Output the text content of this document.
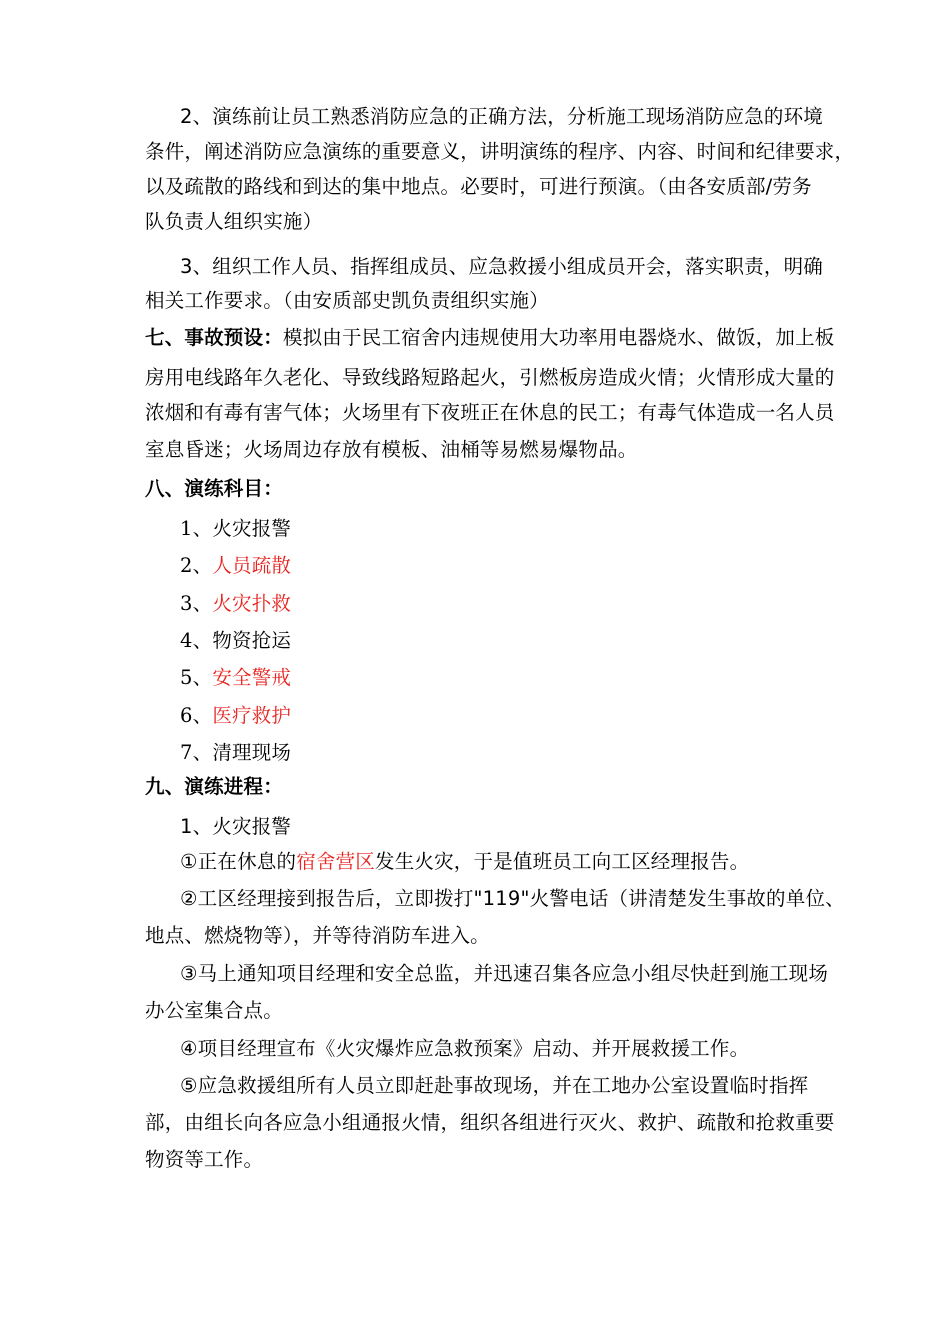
2、演练前让员工熟悉消防应急的正确方法，分析施工现场消防应急的环境
条件，阐述消防应急演练的重要意义，讲明演练的程序、内容、时间和纪律要求，
以及疏散的路线和到达的集中地点。必要时，可进行预演。（由各安质部/劳务
队负责人组织实施）
3、组织工作人员、指挥组成员、应急救援小组成员开会，落实职责，明确
相关工作要求。（由安质部史凯负责组织实施）
七、事故预设：模拟由于民工宿舍内违规使用大功率用电器烧水、做饭，加上板
房用电线路年久老化、导致线路短路起火，引燃板房造成火情；火情形成大量的
浓烟和有毒有害气体；火场里有下夜班正在休息的民工；有毒气体造成一名人员
室息昏迷；火场周边存放有模板、油桶等易燃易爆物品。
八、演练科目：
1、火灾报警
2、人员疏散
3、火灾扑救
4、物资抢运
5、安全警戒
6、医疗救护
7、清理现场
九、演练进程：
1、火灾报警
①正在休息的宿舍营区发生火灾，于是值班员工向工区经理报告。
②工区经理接到报告后，立即拨打"119"火警电话（讲清楚发生事故的单位、
地点、燃烧物等），并等待消防车进入。
③马上通知项目经理和安全总监，并迅速召集各应急小组尽快赶到施工现场
办公室集合点。
④项目经理宣布《火灾爆炸应急救预案》启动、并开展救援工作。
⑤应急救援组所有人员立即赶赴事故现场，并在工地办公室设置临时指挥
部，由组长向各应急小组通报火情，组织各组进行灭火、救护、疏散和抢救重要
物资等工作。
